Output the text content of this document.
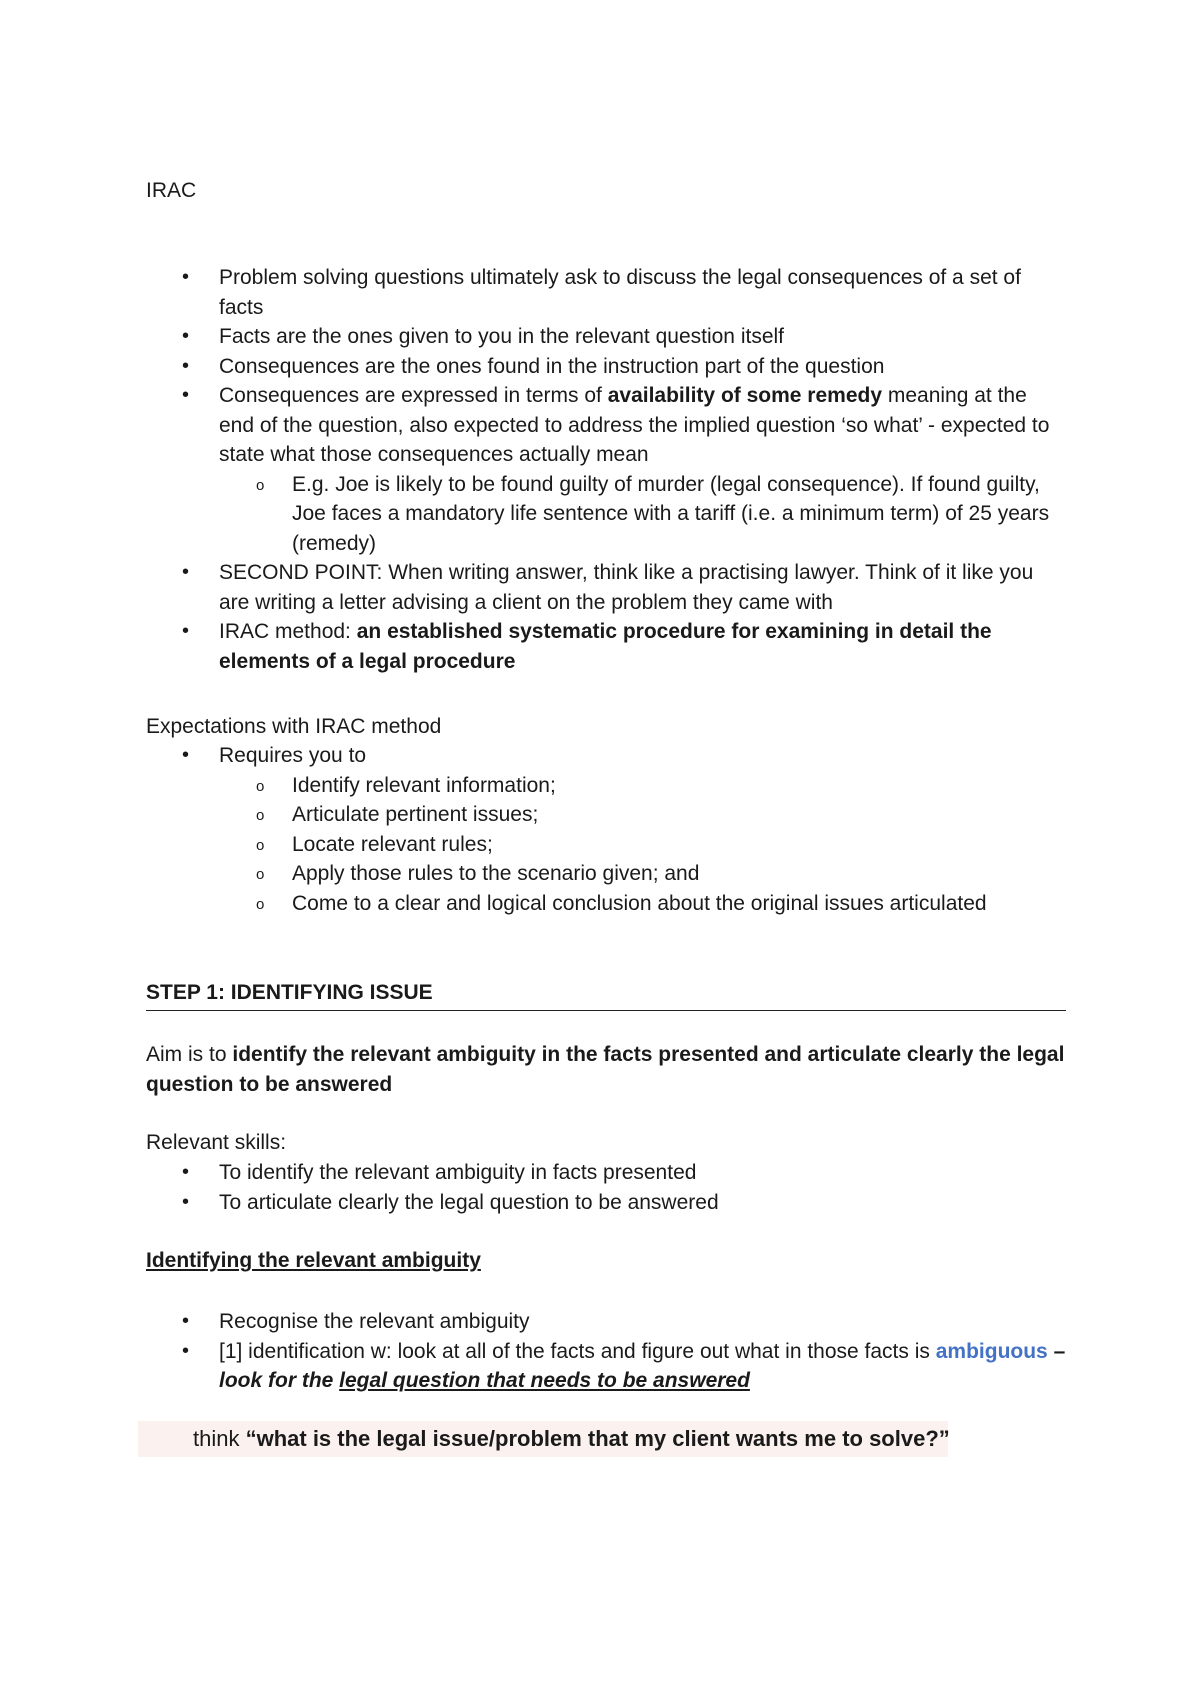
IRAC

• Problem solving questions ultimately ask to discuss the legal consequences of a set of facts
• Facts are the ones given to you in the relevant question itself
• Consequences are the ones found in the instruction part of the question
• Consequences are expressed in terms of availability of some remedy meaning at the end of the question, also expected to address the implied question ‘so what’ - expected to state what those consequences actually mean
o E.g. Joe is likely to be found guilty of murder (legal consequence). If found guilty, Joe faces a mandatory life sentence with a tariff (i.e. a minimum term) of 25 years (remedy)
• SECOND POINT: When writing answer, think like a practising lawyer. Think of it like you are writing a letter advising a client on the problem they came with
• IRAC method: an established systematic procedure for examining in detail the elements of a legal procedure

Expectations with IRAC method

• Requires you to
o Identify relevant information;
o Articulate pertinent issues;
o Locate relevant rules;
o Apply those rules to the scenario given; and
o Come to a clear and logical conclusion about the original issues articulated

STEP 1: IDENTIFYING ISSUE

Aim is to identify the relevant ambiguity in the facts presented and articulate clearly the legal question to be answered

Relevant skills:

• To identify the relevant ambiguity in facts presented
• To articulate clearly the legal question to be answered

Identifying the relevant ambiguity

• Recognise the relevant ambiguity
• [1] identification w: look at all of the facts and figure out what in those facts is ambiguous – look for the legal question that needs to be answered

think “what is the legal issue/problem that my client wants me to solve?”
